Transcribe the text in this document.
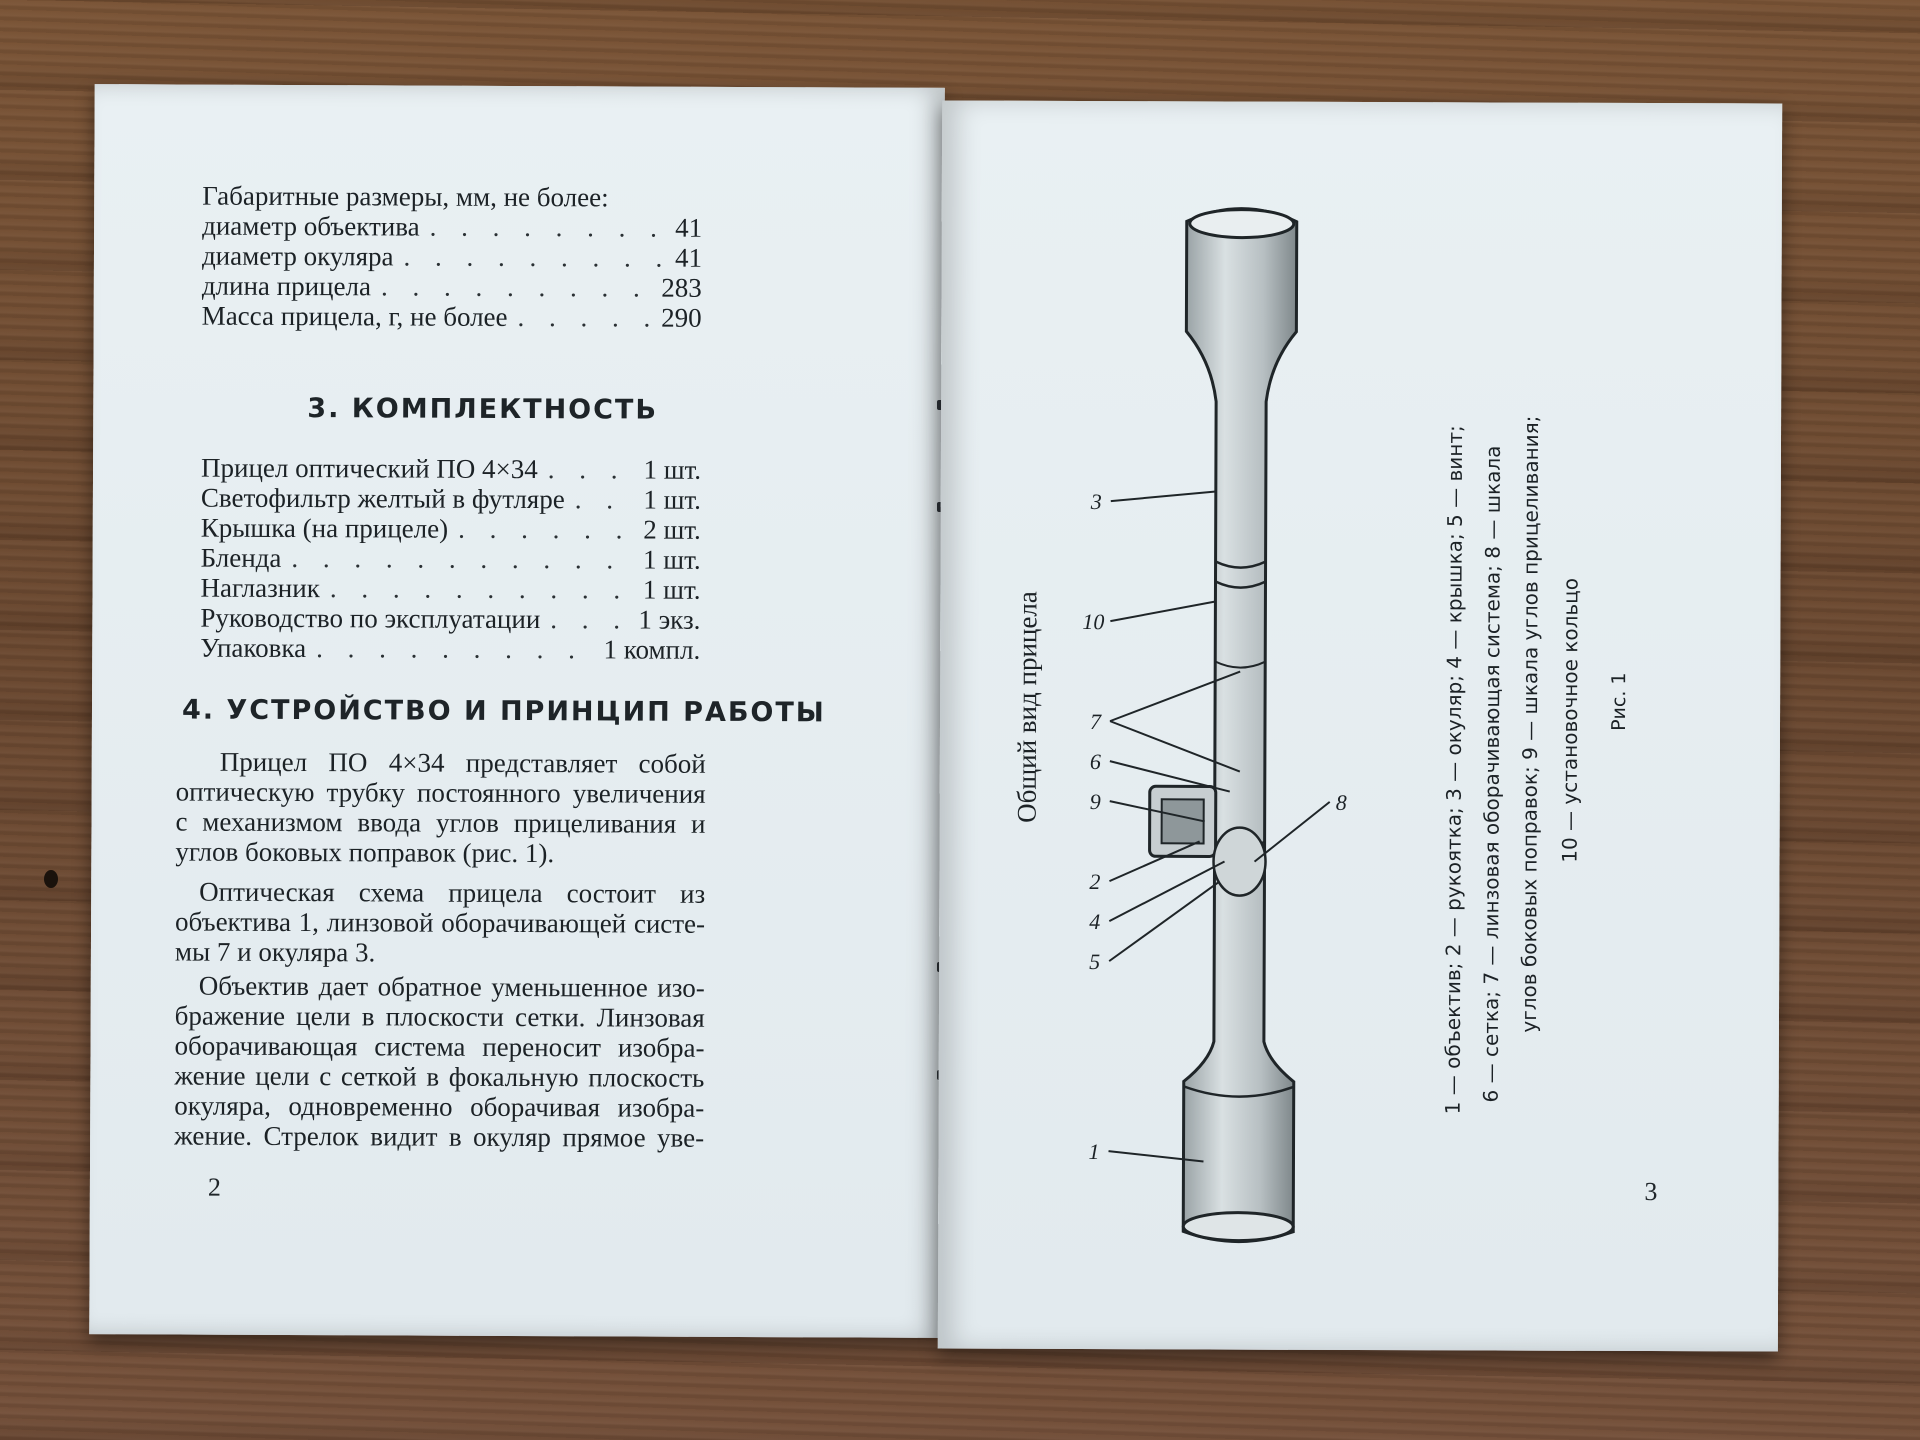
Габаритные размеры, мм, не более:
диаметр объектива . . .	41
диаметр окуляра . . .	41
длина прицела . . .	283
Масса прицела, г, не более . . .	290
3. КОМПЛЕКТНОСТЬ
Прицел оптический ПО 4×34 . . .	1 шт.
Светофильтр желтый в футляре . . .	1 шт.
Крышка (на прицеле) . . .	2 шт.
Бленда . . .	1 шт.
Наглазник . . .	1 шт.
Руководство по эксплуатации . . .	1 экз.
Упаковка . . .	1 компл.
4. УСТРОЙСТВО И ПРИНЦИП РАБОТЫ
Прицел ПО 4×34 представляет собой
оптическую трубку постоянного увеличения
с механизмом ввода углов прицеливания и
углов боковых поправок (рис. 1).
Оптическая схема прицела состоит из
объектива 1, линзовой оборачивающей систе-
мы 7 и окуляра 3.
Объектив дает обратное уменьшенное изо-
бражение цели в плоскости сетки. Линзовая
оборачивающая система переносит изобра-
жение цели с сеткой в фокальную плоскость
окуляра, одновременно оборачивая изобра-
жение. Стрелок видит в окуляр прямое уве-
2
Общий вид прицела
1
5
4
2
9
6
7
10
3
8	1 — объектив; 2 — рукоятка; 3 — окуляр; 4 — крышка; 5 — винт; 6 — сетка; 7 — линзовая оборачивающая система; 8 — шкала углов боковых поправок; 9 — шкала углов прицеливания; 10 — установочное кольцо Рис. 1
3
